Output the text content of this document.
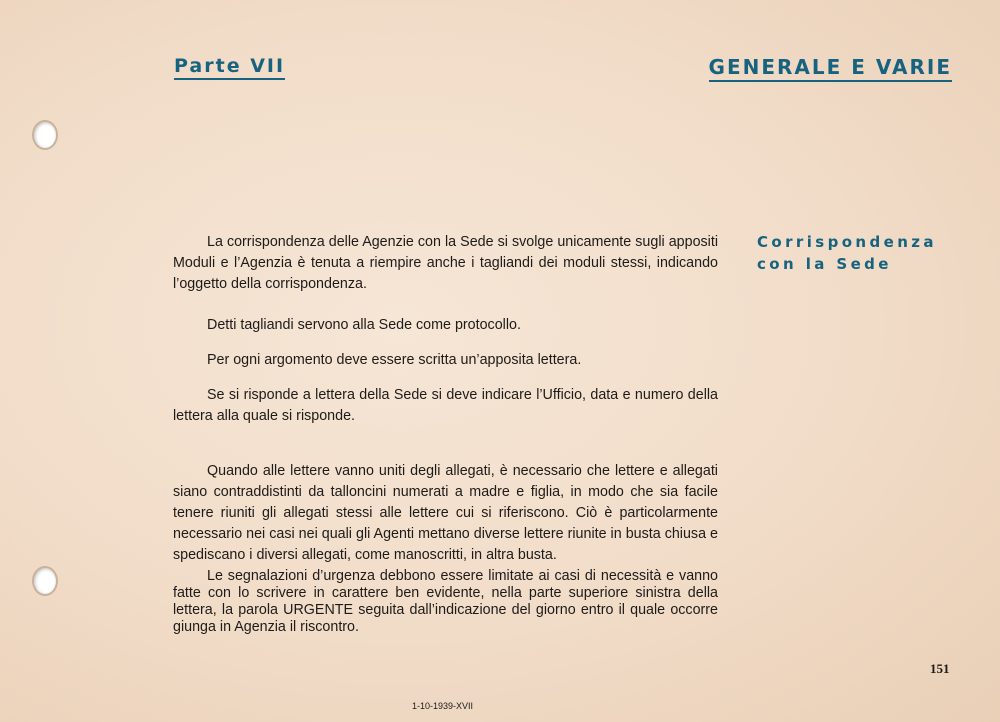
Parte VII	GENERALE E VARIE
Corrispondenza
con la Sede

La corrispondenza delle Agenzie con la Sede si svolge unicamente sugli appositi Moduli e l’Agenzia è tenuta a riempire anche i tagliandi dei moduli stessi, indicando l’oggetto della corrispondenza.

Detti tagliandi servono alla Sede come protocollo.

Per ogni argomento deve essere scritta un’apposita lettera.

Se si risponde a lettera della Sede si deve indicare l’Ufficio, data e numero della lettera alla quale si risponde.

Quando alle lettere vanno uniti degli allegati, è necessario che lettere e allegati siano contraddistinti da talloncini numerati a madre e figlia, in modo che sia facile tenere riuniti gli allegati stessi alle lettere cui si riferiscono. Ciò è particolarmente necessario nei casi nei quali gli Agenti mettano diverse lettere riunite in busta chiusa e spediscano i diversi allegati, come manoscritti, in altra busta.

Le segnalazioni d’urgenza debbono essere limitate ai casi di necessità e vanno fatte con lo scrivere in carattere ben evidente, nella parte superiore sinistra della lettera, la parola URGENTE seguita dall’indicazione del giorno entro il quale occorre giunga in Agenzia il riscontro.

151
1-10-1939-XVII
